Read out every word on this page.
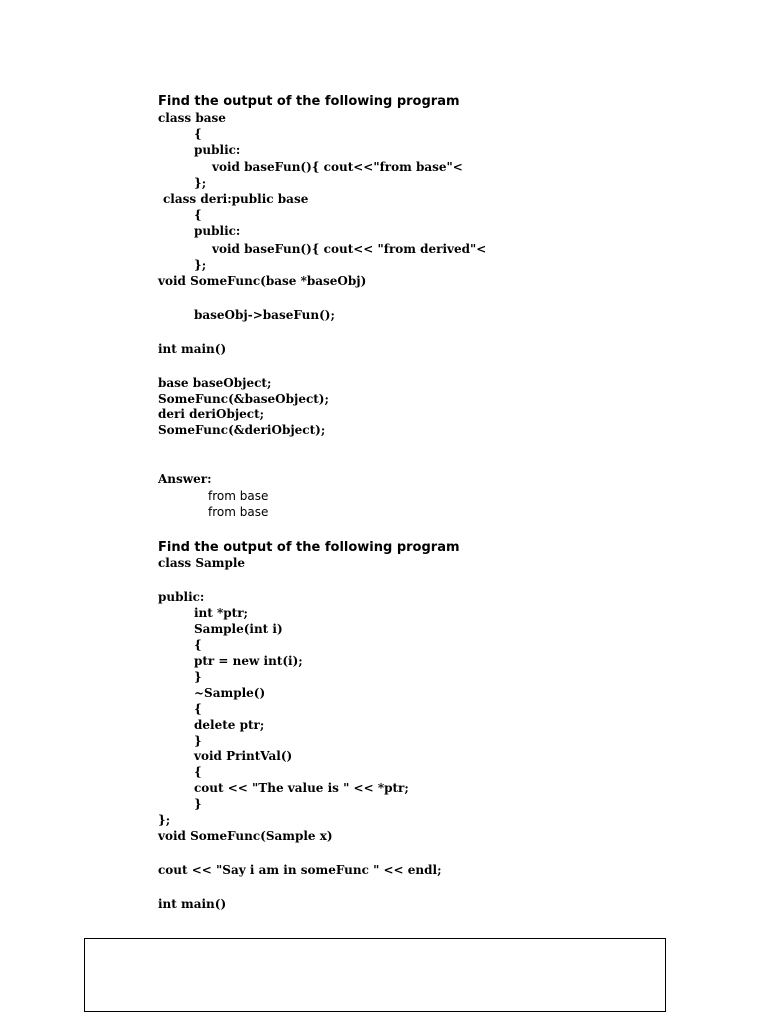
Find the output of the following program
class base
{
public:
void baseFun(){ cout<<"from base"<
};
class deri:public base
{
public:
void baseFun(){ cout<< "from derived"<
};
void SomeFunc(base *baseObj)
baseObj->baseFun();
int main()
base baseObject;
SomeFunc(&baseObject);
deri deriObject;
SomeFunc(&deriObject);
Answer:
from base
from base
Find the output of the following program
class Sample
public:
int *ptr;
Sample(int i)
{
ptr = new int(i);
}
~Sample()
{
delete ptr;
}
void PrintVal()
{
cout << "The value is " << *ptr;
}
};
void SomeFunc(Sample x)
cout << "Say i am in someFunc " << endl;
int main()
